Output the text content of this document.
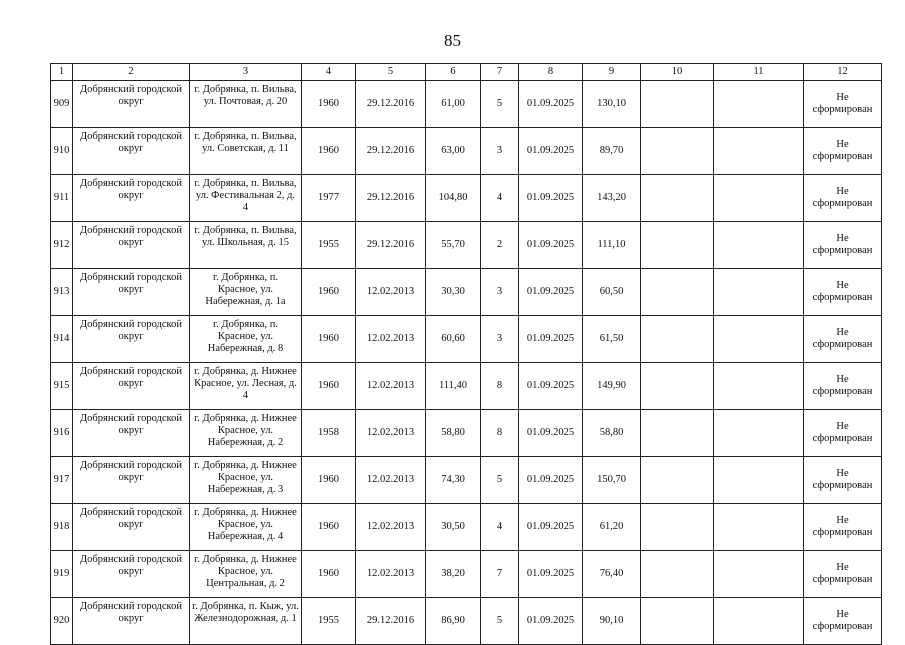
85
1	2	3	4	5	6	7	8	9	10	11	12
909	Добрянский городской округ	г. Добрянка, п. Вильва, ул. Почтовая, д. 20	1960	29.12.2016	61,00	5	01.09.2025	130,10			Не сформирован
910	Добрянский городской округ	г. Добрянка, п. Вильва, ул. Советская, д. 11	1960	29.12.2016	63,00	3	01.09.2025	89,70			Не сформирован
911	Добрянский городской округ	г. Добрянка, п. Вильва, ул. Фестивальная 2, д. 4	1977	29.12.2016	104,80	4	01.09.2025	143,20			Не сформирован
912	Добрянский городской округ	г. Добрянка, п. Вильва, ул. Школьная, д. 15	1955	29.12.2016	55,70	2	01.09.2025	111,10			Не сформирован
913	Добрянский городской округ	г. Добрянка, п. Красное, ул. Набережная, д. 1а	1960	12.02.2013	30,30	3	01.09.2025	60,50			Не сформирован
914	Добрянский городской округ	г. Добрянка, п. Красное, ул. Набережная, д. 8	1960	12.02.2013	60,60	3	01.09.2025	61,50			Не сформирован
915	Добрянский городской округ	г. Добрянка, д. Нижнее Красное, ул. Лесная, д. 4	1960	12.02.2013	111,40	8	01.09.2025	149,90			Не сформирован
916	Добрянский городской округ	г. Добрянка, д. Нижнее Красное, ул. Набережная, д. 2	1958	12.02.2013	58,80	8	01.09.2025	58,80			Не сформирован
917	Добрянский городской округ	г. Добрянка, д. Нижнее Красное, ул. Набережная, д. 3	1960	12.02.2013	74,30	5	01.09.2025	150,70			Не сформирован
918	Добрянский городской округ	г. Добрянка, д. Нижнее Красное, ул. Набережная, д. 4	1960	12.02.2013	30,50	4	01.09.2025	61,20			Не сформирован
919	Добрянский городской округ	г. Добрянка, д. Нижнее Красное, ул. Центральная, д. 2	1960	12.02.2013	38,20	7	01.09.2025	76,40			Не сформирован
920	Добрянский городской округ	г. Добрянка, п. Кыж, ул. Железнодорожная, д. 1	1955	29.12.2016	86,90	5	01.09.2025	90,10			Не сформирован
